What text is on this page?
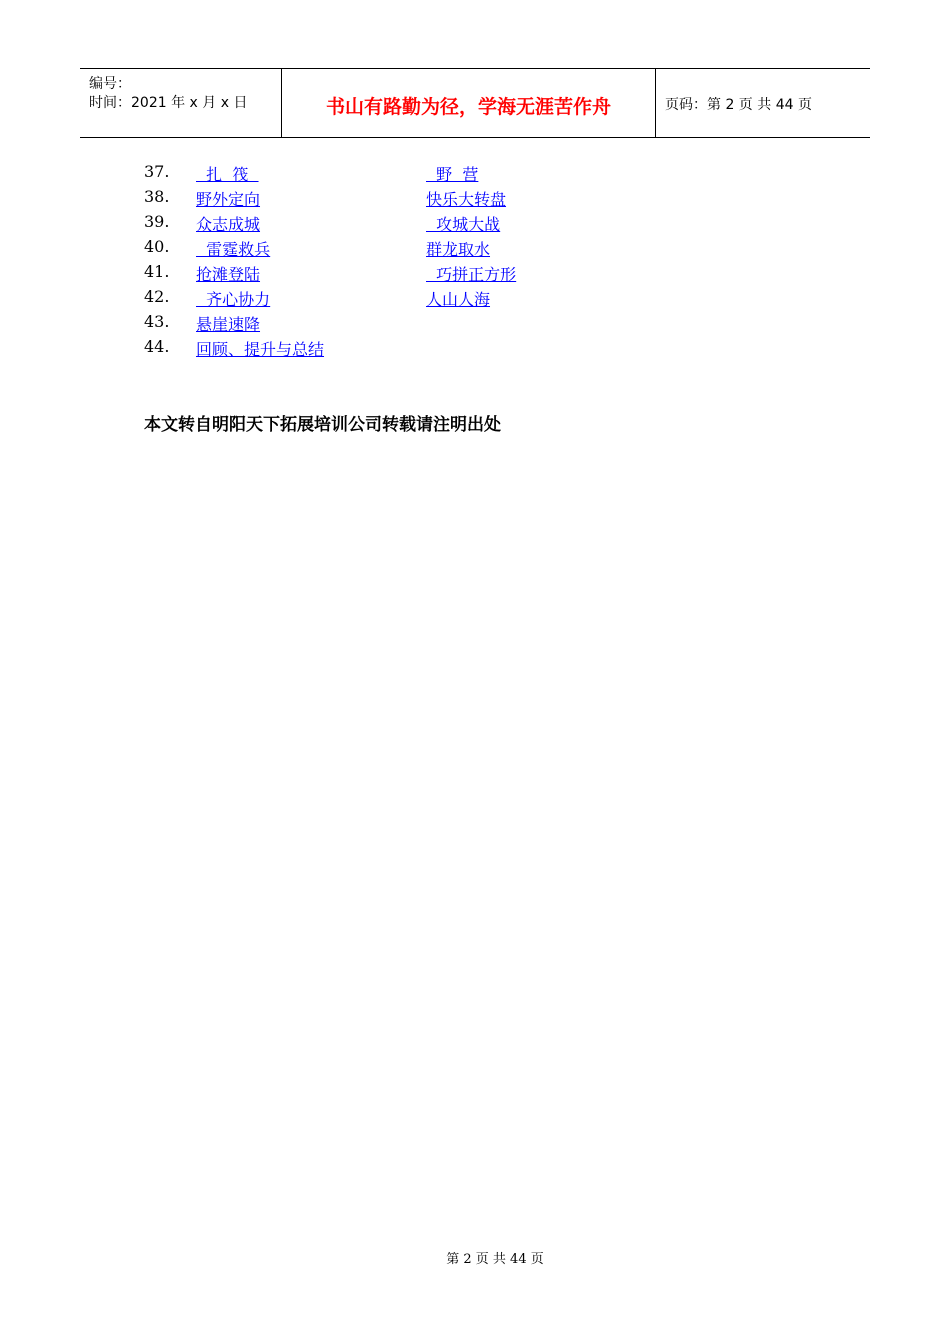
编号：
时间：2021 年 x 月 x 日	书山有路勤为径，学海无涯苦作舟	页码：第 2 页 共 44 页
37. 扎  筏	野  营
38. 野外定向	快乐大转盘
39. 众志成城	攻城大战
40. 雷霆救兵	群龙取水
41. 抢滩登陆	巧拼正方形
42. 齐心协力	人山人海
43. 悬崖速降
44. 回顾、提升与总结
本文转自明阳天下拓展培训公司转载请注明出处
第 2 页 共 44 页
